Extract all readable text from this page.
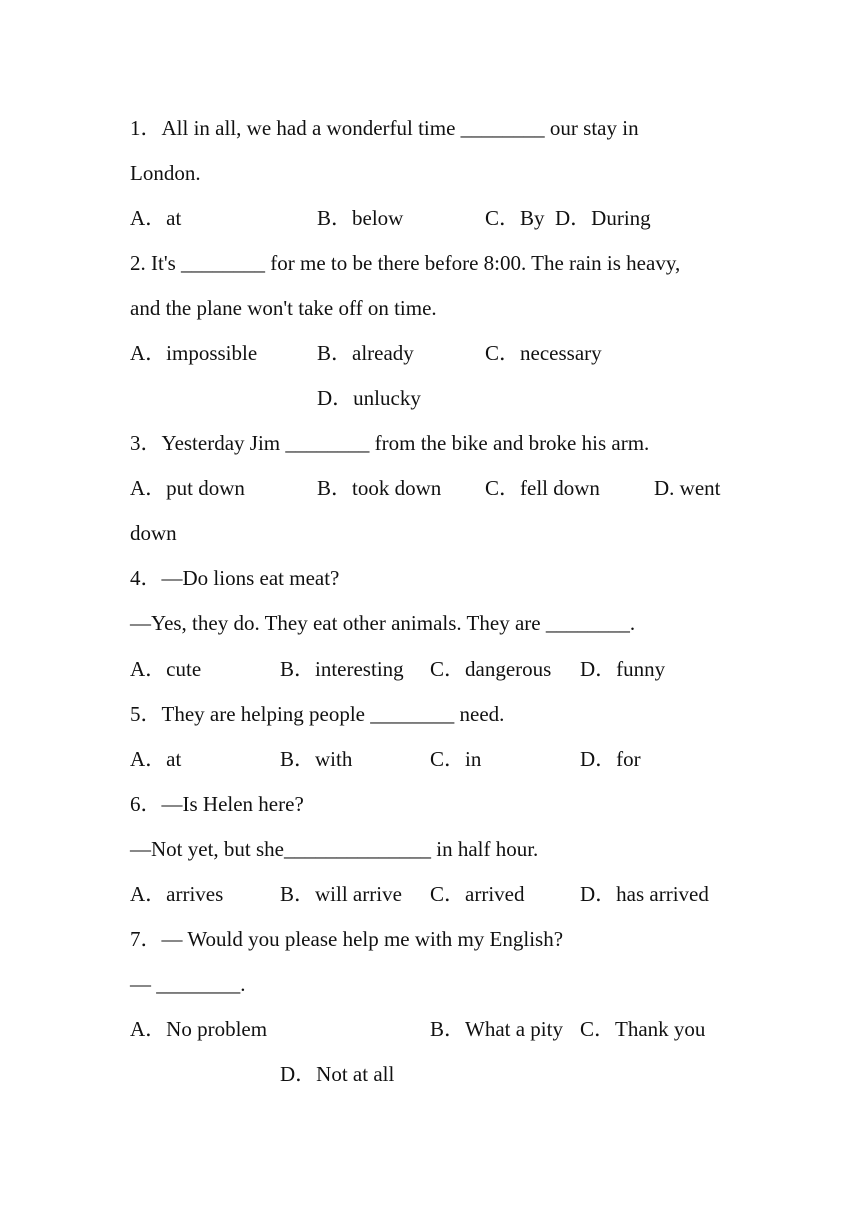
1．All in all, we had a wonderful time ________ our stay in
London.
A．at	B．below	C．By D．During
2. It's ________ for me to be there before 8:00. The rain is heavy,
and the plane won't take off on time.
A．impossible	B．already	C．necessary
D．unlucky
3．Yesterday Jim ________ from the bike and broke his arm.
A．put down	B．took down C．fell down	D. went
down
4．—Do lions eat meat?
—Yes, they do. They eat other animals. They are ________.
A．cute	B．interesting C．dangerous D．funny
5．They are helping people ________ need.
A．at	B．with	C．in	D．for
6．—Is Helen here?
—Not yet, but she______________ in half hour.
A．arrives	B．will arrive C．arrived	D．has arrived
7．— Would you please help me with my English?
— ________.
A．No problem	B．What a pity C．Thank you
D．Not at all
